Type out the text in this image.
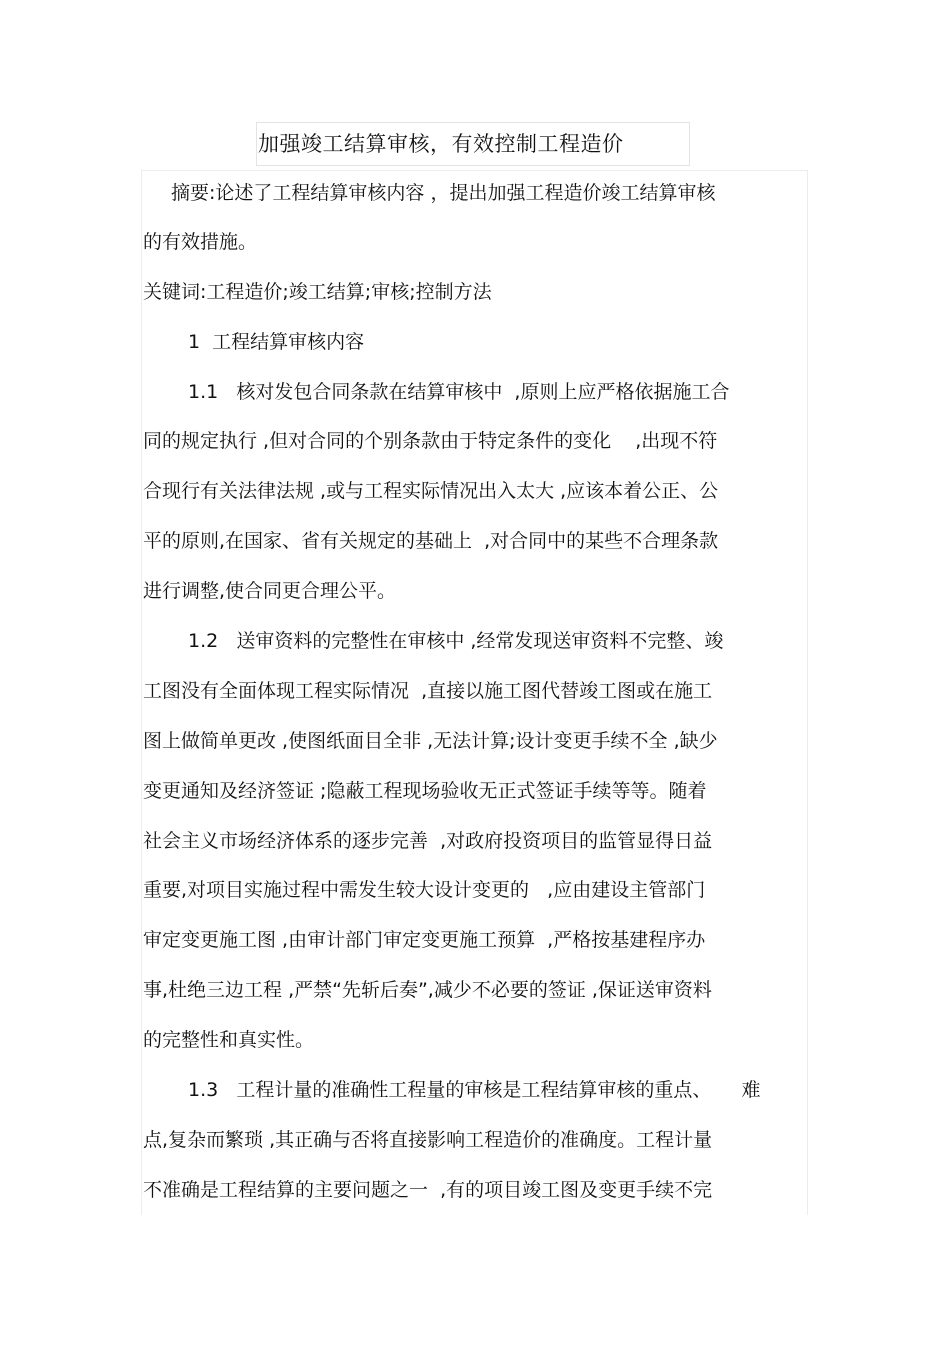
加强竣工结算审核，有效控制工程造价
摘要:论述了工程结算审核内容 ，提出加强工程造价竣工结算审核
的有效措施。
关键词:工程造价;竣工结算;审核;控制方法
1  工程结算审核内容
1.1   核对发包合同条款在结算审核中  ,原则上应严格依据施工合
同的规定执行 ,但对合同的个别条款由于特定条件的变化    ,出现不符
合现行有关法律法规 ,或与工程实际情况出入太大 ,应该本着公正、公
平的原则,在国家、省有关规定的基础上  ,对合同中的某些不合理条款
进行调整,使合同更合理公平。
1.2   送审资料的完整性在审核中 ,经常发现送审资料不完整、竣
工图没有全面体现工程实际情况  ,直接以施工图代替竣工图或在施工
图上做简单更改 ,使图纸面目全非 ,无法计算;设计变更手续不全 ,缺少
变更通知及经济签证 ;隐蔽工程现场验收无正式签证手续等等。随着
社会主义市场经济体系的逐步完善  ,对政府投资项目的监管显得日益
重要,对项目实施过程中需发生较大设计变更的   ,应由建设主管部门
审定变更施工图 ,由审计部门审定变更施工预算  ,严格按基建程序办
事,杜绝三边工程 ,严禁“先斩后奏”,减少不必要的签证 ,保证送审资料
的完整性和真实性。
1.3   工程计量的准确性工程量的审核是工程结算审核的重点、     难
点,复杂而繁琐 ,其正确与否将直接影响工程造价的准确度。工程计量
不准确是工程结算的主要问题之一  ,有的项目竣工图及变更手续不完
